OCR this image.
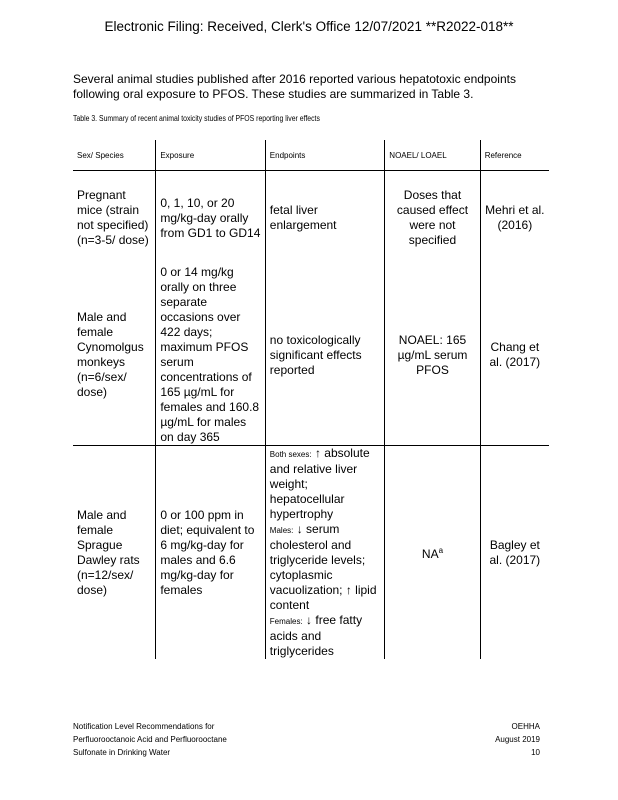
Electronic Filing: Received, Clerk's Office 12/07/2021 **R2022-018**
Several animal studies published after 2016 reported various hepatotoxic endpoints following oral exposure to PFOS. These studies are summarized in Table 3.
Table 3. Summary of recent animal toxicity studies of PFOS reporting liver effects
Sex/ Species	Exposure	Endpoints	NOAEL/ LOAEL	Reference
Pregnant mice (strain not specified) (n=3-5/ dose)	0, 1, 10, or 20 mg/kg-day orally from GD1 to GD14	fetal liver enlargement	Doses that caused effect were not specified	Mehri et al. (2016)
Male and female Cynomolgus monkeys (n=6/sex/ dose)	0 or 14 mg/kg orally on three separate occasions over 422 days; maximum PFOS serum concentrations of 165 µg/mL for females and 160.8 µg/mL for males on day 365	no toxicologically significant effects reported	NOAEL: 165 µg/mL serum PFOS	Chang et al. (2017)
Male and female Sprague Dawley rats (n=12/sex/ dose)	0 or 100 ppm in diet; equivalent to 6 mg/kg-day for males and 6.6 mg/kg-day for females	Both sexes: ↑ absolute and relative liver weight; hepatocellular hypertrophy
Males: ↓ serum cholesterol and triglyceride levels; cytoplasmic vacuolization; ↑ lipid content
Females: ↓ free fatty acids and triglycerides	$NA^a$	Bagley et al. (2017)
Notification Level Recommendations for
Perfluorooctanoic Acid and Perfluorooctane
Sulfonate in Drinking Water
OEHHA
August 2019
10
